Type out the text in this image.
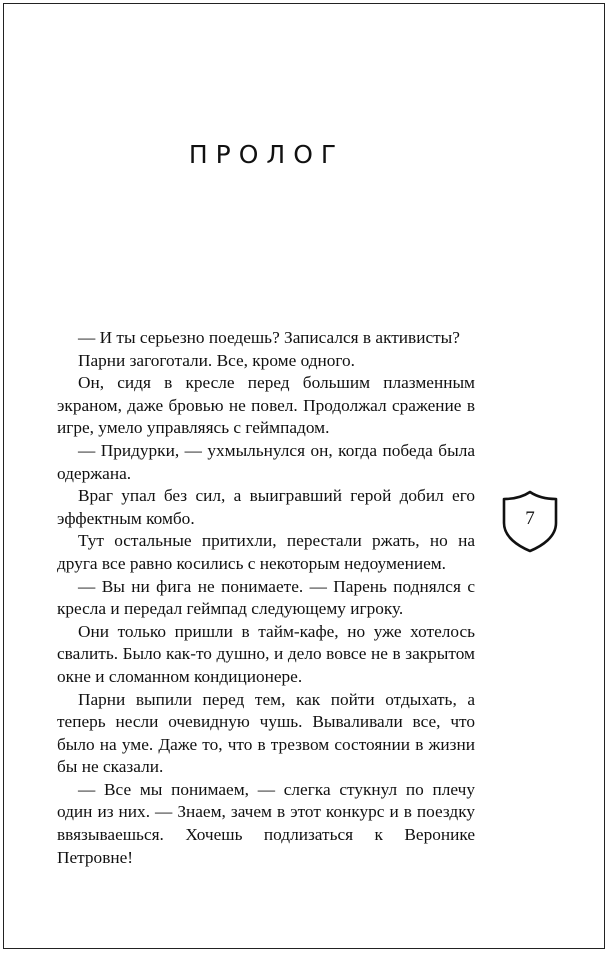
ПРОЛОГ

— И ты серьезно поедешь? Записался в активисты?

Парни загоготали. Все, кроме одного.

Он, сидя в кресле перед большим плазменным экраном, даже бровью не повел. Продолжал сражение в игре, умело управляясь с геймпадом.

— Придурки, — ухмыльнулся он, когда победа была одержана.

Враг упал без сил, а выигравший герой добил его эффектным комбо.

Тут остальные притихли, перестали ржать, но на друга все равно косились с некоторым недоумением.

— Вы ни фига не понимаете. — Парень поднялся с кресла и передал геймпад следующему игроку.

Они только пришли в тайм-кафе, но уже хотелось свалить. Было как-то душно, и дело вовсе не в закрытом окне и сломанном кондиционере.

Парни выпили перед тем, как пойти отдыхать, а теперь несли очевидную чушь. Вываливали все, что было на уме. Даже то, что в трезвом состоянии в жизни бы не сказали.

— Все мы понимаем, — слегка стукнул по плечу один из них. — Знаем, зачем в этот конкурс и в поездку ввязываешься. Хочешь подлизаться к Веронике Петровне!

7
